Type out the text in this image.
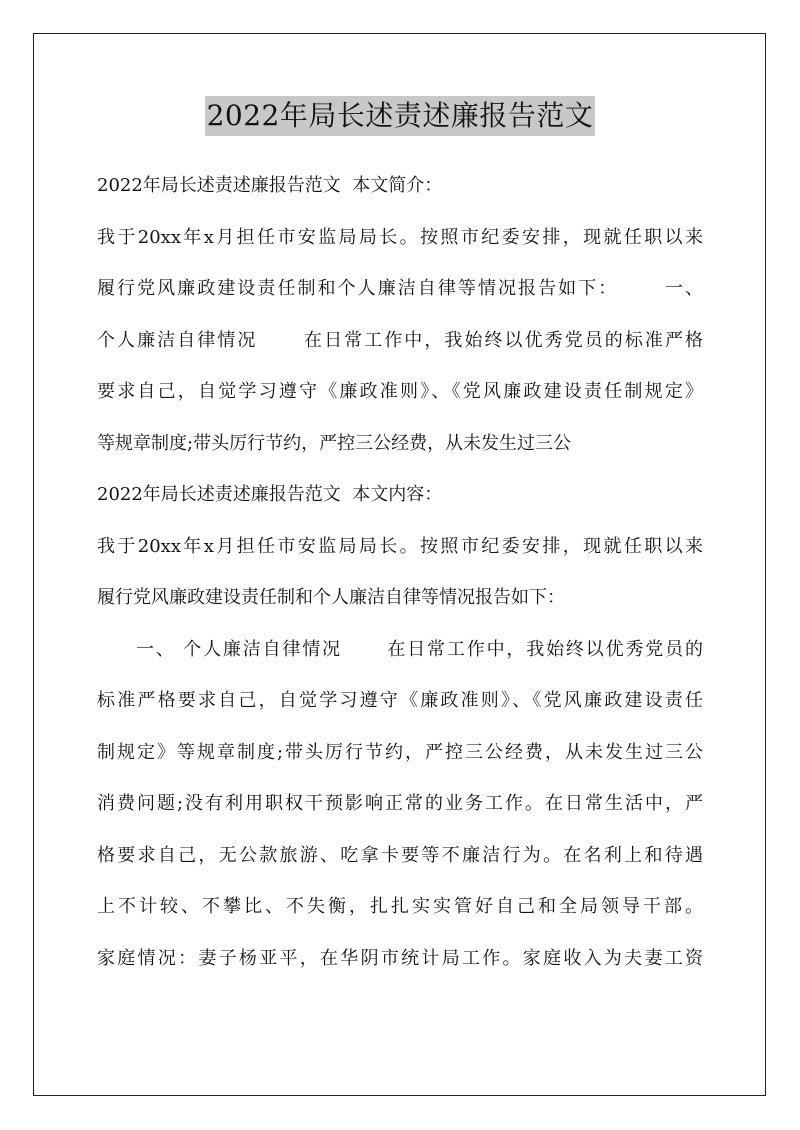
2022年局长述责述廉报告范文
2022年局长述责述廉报告范文  本文简介：
我于20xx年x月担任市安监局局长。按照市纪委安排，现就任职以来
履行党风廉政建设责任制和个人廉洁自律等情况报告如下：      一、
个人廉洁自律情况      在日常工作中，我始终以优秀党员的标准严格
要求自己，自觉学习遵守《廉政准则》、《党风廉政建设责任制规定》
等规章制度;带头厉行节约，严控三公经费，从未发生过三公
2022年局长述责述廉报告范文  本文内容：
我于20xx年x月担任市安监局局长。按照市纪委安排，现就任职以来
履行党风廉政建设责任制和个人廉洁自律等情况报告如下：
一、 个人廉洁自律情况      在日常工作中，我始终以优秀党员的
标准严格要求自己，自觉学习遵守《廉政准则》、《党风廉政建设责任
制规定》等规章制度;带头厉行节约，严控三公经费，从未发生过三公
消费问题;没有利用职权干预影响正常的业务工作。在日常生活中，严
格要求自己，无公款旅游、吃拿卡要等不廉洁行为。在名利上和待遇
上不计较、不攀比、不失衡，扎扎实实管好自己和全局领导干部。
家庭情况：妻子杨亚平，在华阴市统计局工作。家庭收入为夫妻工资
